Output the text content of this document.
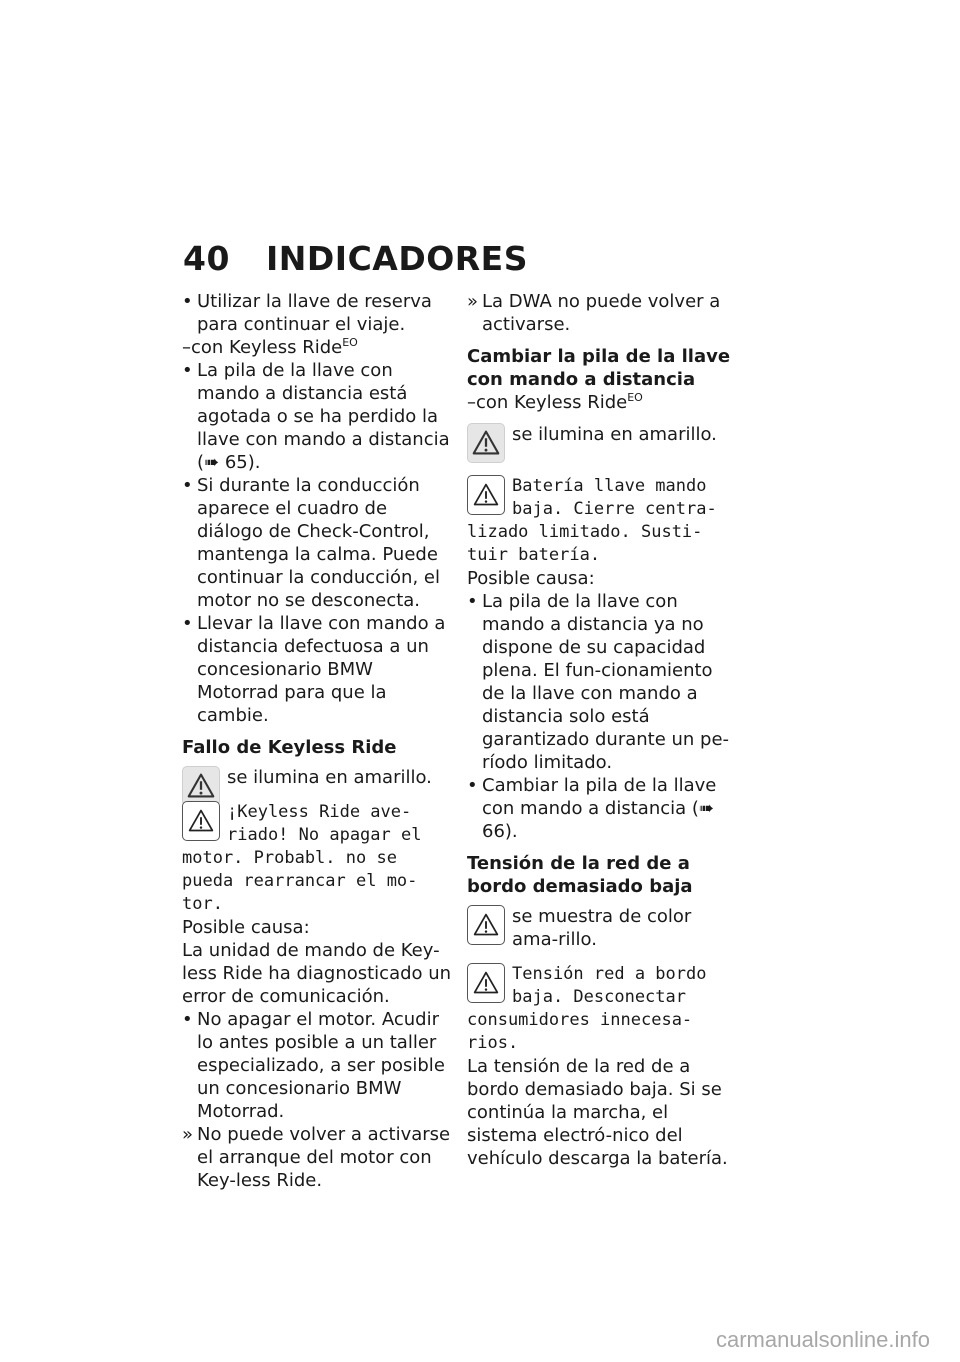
40 INDICADORES
• Utilizar la llave de reserva para continuar el viaje.
–con Keyless Ride$^{EO}$
• La pila de la llave con mando a distancia está agotada o se ha perdido la llave con mando a distancia (➠ 65).
• Si durante la conducción aparece el cuadro de diálogo de Check-Control, mantenga la calma. Puede continuar la conducción, el motor no se desconecta.
• Llevar la llave con mando a distancia defectuosa a un concesionario BMW Motorrad para que la cambie.
Fallo de Keyless Ride
se ilumina en amarillo.
¡Keyless Ride ave-riado! No apagar el
motor. Probabl. no se pueda rearrancar el mo-tor.
Posible causa:
La unidad de mando de Key-less Ride ha diagnosticado un error de comunicación.
• No apagar el motor. Acudir lo antes posible a un taller especializado, a ser posible un concesionario BMW Motorrad.
» No puede volver a activarse el arranque del motor con Key-less Ride.
» La DWA no puede volver a activarse.
Cambiar la pila de la llave con mando a distancia
–con Keyless Ride$^{EO}$
se ilumina en amarillo.
Batería llave mando baja. Cierre centra-
lizado limitado. Susti-tuir batería.
Posible causa:
• La pila de la llave con mando a distancia ya no dispone de su capacidad plena. El fun-cionamiento de la llave con mando a distancia solo está garantizado durante un pe-ríodo limitado.
• Cambiar la pila de la llave con mando a distancia (➠ 66).
Tensión de la red de a bordo demasiado baja
se muestra de color ama-rillo.
Tensión red a bordo baja. Desconectar
consumidores innecesa-rios.
La tensión de la red de a bordo demasiado baja. Si se continúa la marcha, el sistema electró-nico del vehículo descarga la batería.
carmanualsonline.info
